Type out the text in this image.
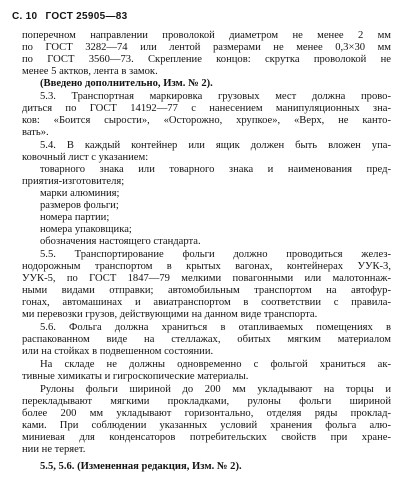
С. 10 ГОСТ 25905—83
поперечном направлении проволокой диаметром не менее 2 мм
по ГОСТ 3282—74 или лентой размерами не менее 0,3×30 мм
по ГОСТ 3560—73. Скрепление концов: скрутка проволокой не
менее 5 актков, лента в замок.
(Введено дополнительно, Изм. № 2).
5.3. Транспортная маркировка грузовых мест должна прово-
диться по ГОСТ 14192—77 с нанесением манипуляционных зна-
ков: «Боится сырости», «Осторожно, хрупкое», «Верх, не канто-
вать».
5.4. В каждый контейнер или ящик должен быть вложен упа-
ковочный лист с указанием:
товарного знака или товарного знака и наименования пред-
приятия-изготовителя;
марки алюминия;
размеров фольги;
номера партии;
номера упаковщика;
обозначения настоящего стандарта.
5.5. Транспортирование фольги должно проводиться желез-
нодорожным транспортом в крытых вагонах, контейнерах УУК-3,
УУК-5, по ГОСТ 1847—79 мелкими повагонными или малотоннаж-
ными видами отправки; автомобильным транспортом на автофур-
гонах, автомашинах и авиатранспортом в соответствии с правила-
ми перевозки грузов, действующими на данном виде транспорта.
5.6. Фольга должна храниться в отапливаемых помещениях в
распакованном виде на стеллажах, обитых мягким материалом
или на стойках в подвешенном состоянии.
На складе не должны одновременно с фольгой храниться ак-
тивные химикаты и гигроскопические материалы.
Рулоны фольги шириной до 200 мм укладывают на торцы и
перекладывают мягкими прокладками, рулоны фольги шириной
более 200 мм укладывают горизонтально, отделяя ряды проклад-
ками. При соблюдении указанных условий хранения фольга алю-
миниевая для конденсаторов потребительских свойств при хране-
нии не теряет.
5.5, 5.6. (Измененная редакция, Изм. № 2).
